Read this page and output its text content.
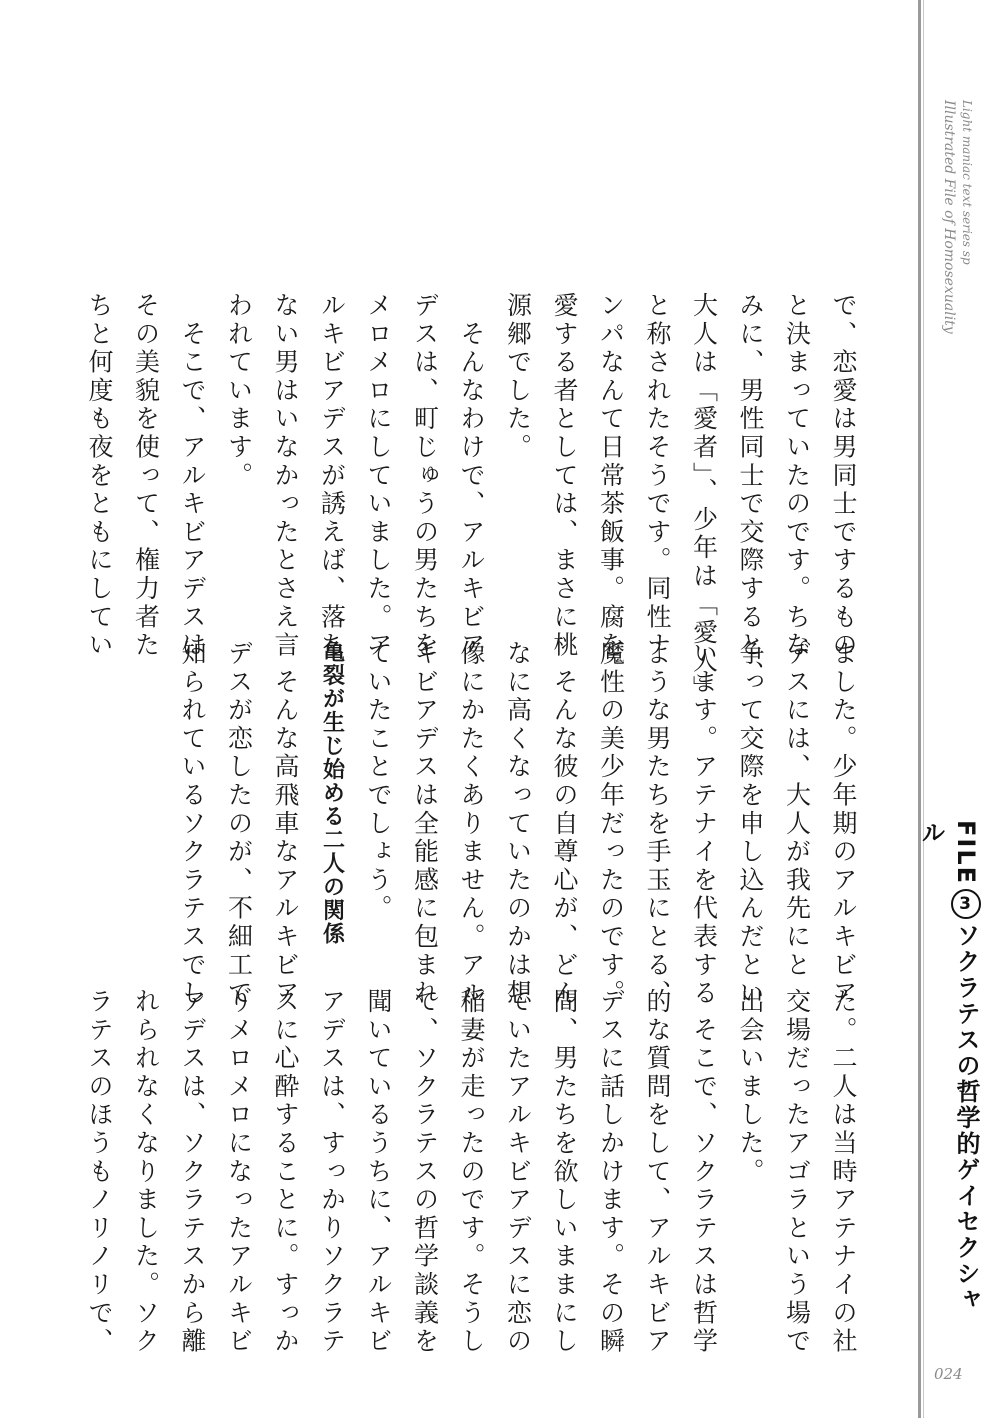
Light maniac text series sp
Illustrated File of Homosexuality
FILE3ソクラテスの哲学的ゲイセクシャル
024
で、恋愛は男同士でするもの
と決まっていたのです。ちな
みに、男性同士で交際すると、
大人は「愛者」、少年は「愛人」
と称されたそうです。同性ナ
ンパなんて日常茶飯事。腐を
愛する者としては、まさに桃
源郷でした。
　そんなわけで、アルキビア
デスは、町じゅうの男たちを
メロメロにしていました。ア
ルキビアデスが誘えば、落ち
ない男はいなかったとさえ言
われています。
　そこで、アルキビアデスは
その美貌を使って、権力者た
ちと何度も夜をともにしてい
ました。少年期のアルキビア
デスには、大人が我先にと
争って交際を申し込んだとい
います。アテナイを代表する
ような男たちを手玉にとる、
魔性の美少年だったのです。
　そんな彼の自尊心が、どん
なに高くなっていたのかは想
像にかたくありません。アル
キビアデスは全能感に包まれ
ていたことでしょう。
亀裂が生じ始める二人の関係
　そんな高飛車なアルキビア
デスが恋したのが、不細工で
知られているソクラテスでし
た。二人は当時アテナイの社
交場だったアゴラという場で
出会いました。
　そこで、ソクラテスは哲学
的な質問をして、アルキビア
デスに話しかけます。その瞬
間、男たちを欲しいままにし
ていたアルキビアデスに恋の
稲妻が走ったのです。そうし
て、ソクラテスの哲学談義を
聞いているうちに、アルキビ
アデスは、すっかりソクラテ
スに心酔することに。すっか
りメロメロになったアルキビ
アデスは、ソクラテスから離
れられなくなりました。ソク
ラテスのほうもノリノリで、
